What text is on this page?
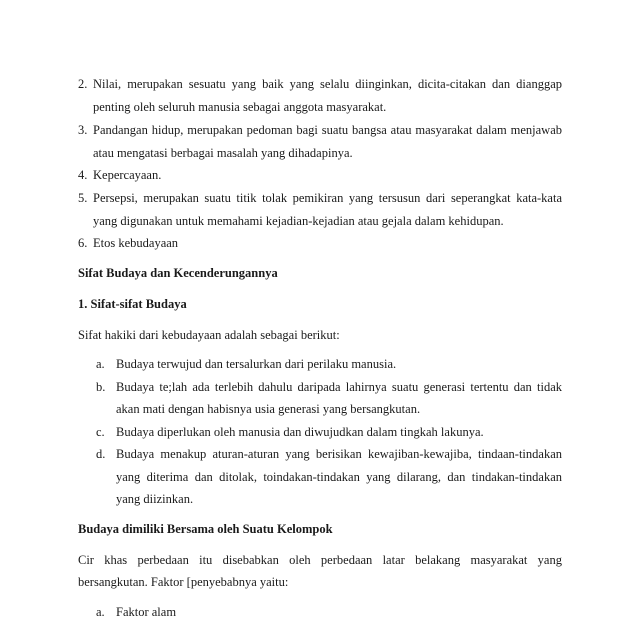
2. Nilai, merupakan sesuatu yang baik yang selalu diinginkan, dicita-citakan dan dianggap
penting oleh seluruh manusia sebagai anggota masyarakat.
3. Pandangan hidup, merupakan pedoman bagi suatu bangsa atau masyarakat dalam menjawab
atau mengatasi berbagai masalah yang dihadapinya.
4. Kepercayaan.
5. Persepsi, merupakan suatu titik tolak pemikiran yang tersusun dari seperangkat kata-kata
yang digunakan untuk memahami kejadian-kejadian atau gejala dalam kehidupan.
6. Etos kebudayaan
Sifat Budaya dan Kecenderungannya
1. Sifat-sifat Budaya
Sifat hakiki dari kebudayaan adalah sebagai berikut:
a. Budaya terwujud dan tersalurkan dari perilaku manusia.
b. Budaya te;lah ada terlebih dahulu daripada lahirnya suatu generasi tertentu dan tidak
akan mati dengan habisnya usia generasi yang bersangkutan.
c. Budaya diperlukan oleh manusia dan diwujudkan dalam tingkah lakunya.
d. Budaya menakup aturan-aturan yang berisikan kewajiban-kewajiba, tindaan-tindakan
yang diterima dan ditolak, toindakan-tindakan yang dilarang, dan tindakan-tindakan
yang diizinkan.
Budaya dimiliki Bersama oleh Suatu Kelompok
Cir khas perbedaan itu disebabkan oleh perbedaan latar belakang masyarakat yang
bersangkutan. Faktor [penyebabnya yaitu:
a. Faktor alam
